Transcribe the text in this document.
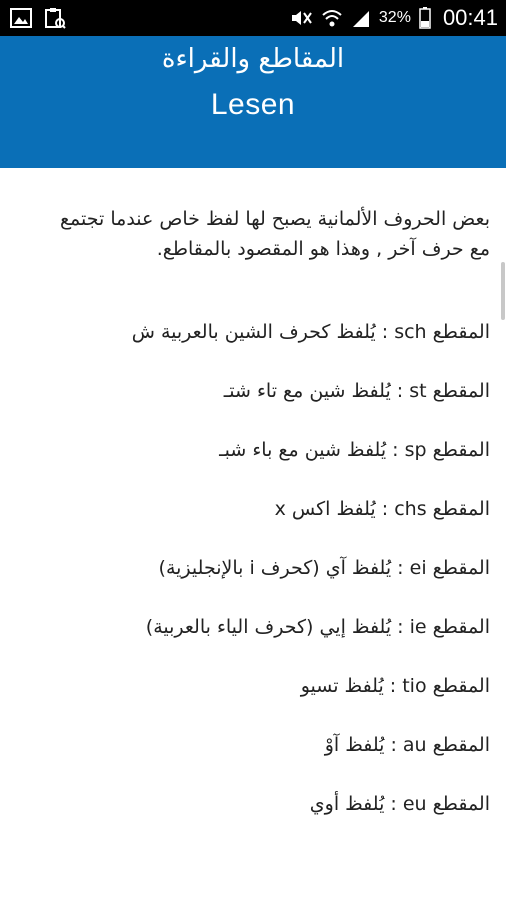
32% 00:41
المقاطع والقراءة
Lesen

بعض الحروف الألمانية يصبح لها لفظ خاص عندما تجتمع مع حرف آخر , وهذا هو المقصود بالمقاطع.

المقطع sch : يُلفظ كحرف الشين بالعربية ش
المقطع st : يُلفظ شين مع تاء شتـ
المقطع sp : يُلفظ شين مع باء شبـ
المقطع chs : يُلفظ اكس x
المقطع ei : يُلفظ آي (كحرف i بالإنجليزية)
المقطع ie : يُلفظ إيي (كحرف الياء بالعربية)
المقطع tio : يُلفظ تسيو
المقطع au : يُلفظ آوْ
المقطع eu : يُلفظ أوي
